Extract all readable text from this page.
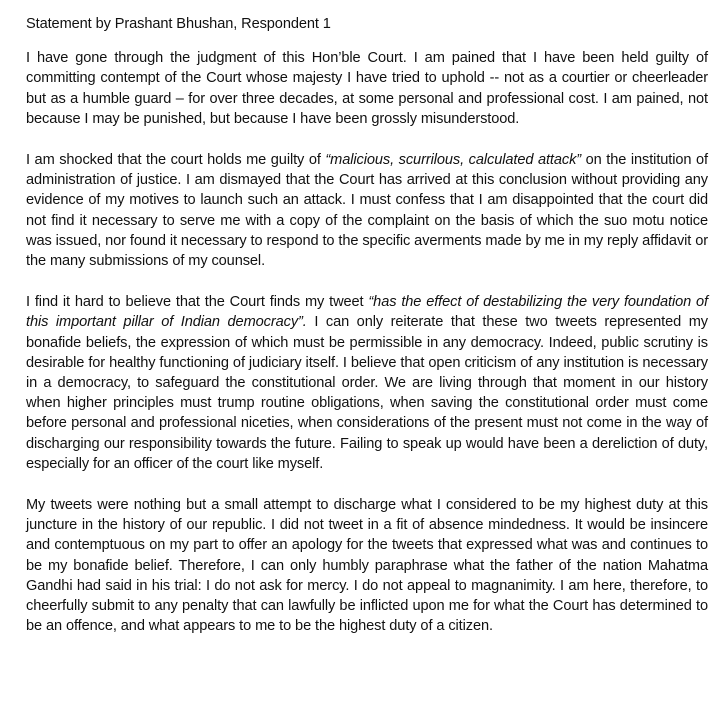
Statement by Prashant Bhushan, Respondent 1

I have gone through the judgment of this Hon’ble Court. I am pained that I have been held guilty of committing contempt of the Court whose majesty I have tried to uphold -- not as a courtier or cheerleader but as a humble guard – for over three decades, at some personal and professional cost. I am pained, not because I may be punished, but because I have been grossly misunderstood.

I am shocked that the court holds me guilty of “malicious, scurrilous, calculated attack” on the institution of administration of justice. I am dismayed that the Court has arrived at this conclusion without providing any evidence of my motives to launch such an attack. I must confess that I am disappointed that the court did not find it necessary to serve me with a copy of the complaint on the basis of which the suo motu notice was issued, nor found it necessary to respond to the specific averments made by me in my reply affidavit or the many submissions of my counsel.

I find it hard to believe that the Court finds my tweet “has the effect of destabilizing the very foundation of this important pillar of Indian democracy”. I can only reiterate that these two tweets represented my bonafide beliefs, the expression of which must be permissible in any democracy. Indeed, public scrutiny is desirable for healthy functioning of judiciary itself. I believe that open criticism of any institution is necessary in a democracy, to safeguard the constitutional order. We are living through that moment in our history when higher principles must trump routine obligations, when saving the constitutional order must come before personal and professional niceties, when considerations of the present must not come in the way of discharging our responsibility towards the future. Failing to speak up would have been a dereliction of duty, especially for an officer of the court like myself.

My tweets were nothing but a small attempt to discharge what I considered to be my highest duty at this juncture in the history of our republic. I did not tweet in a fit of absence mindedness. It would be insincere and contemptuous on my part to offer an apology for the tweets that expressed what was and continues to be my bonafide belief. Therefore, I can only humbly paraphrase what the father of the nation Mahatma Gandhi had said in his trial: I do not ask for mercy. I do not appeal to magnanimity. I am here, therefore, to cheerfully submit to any penalty that can lawfully be inflicted upon me for what the Court has determined to be an offence, and what appears to me to be the highest duty of a citizen.
